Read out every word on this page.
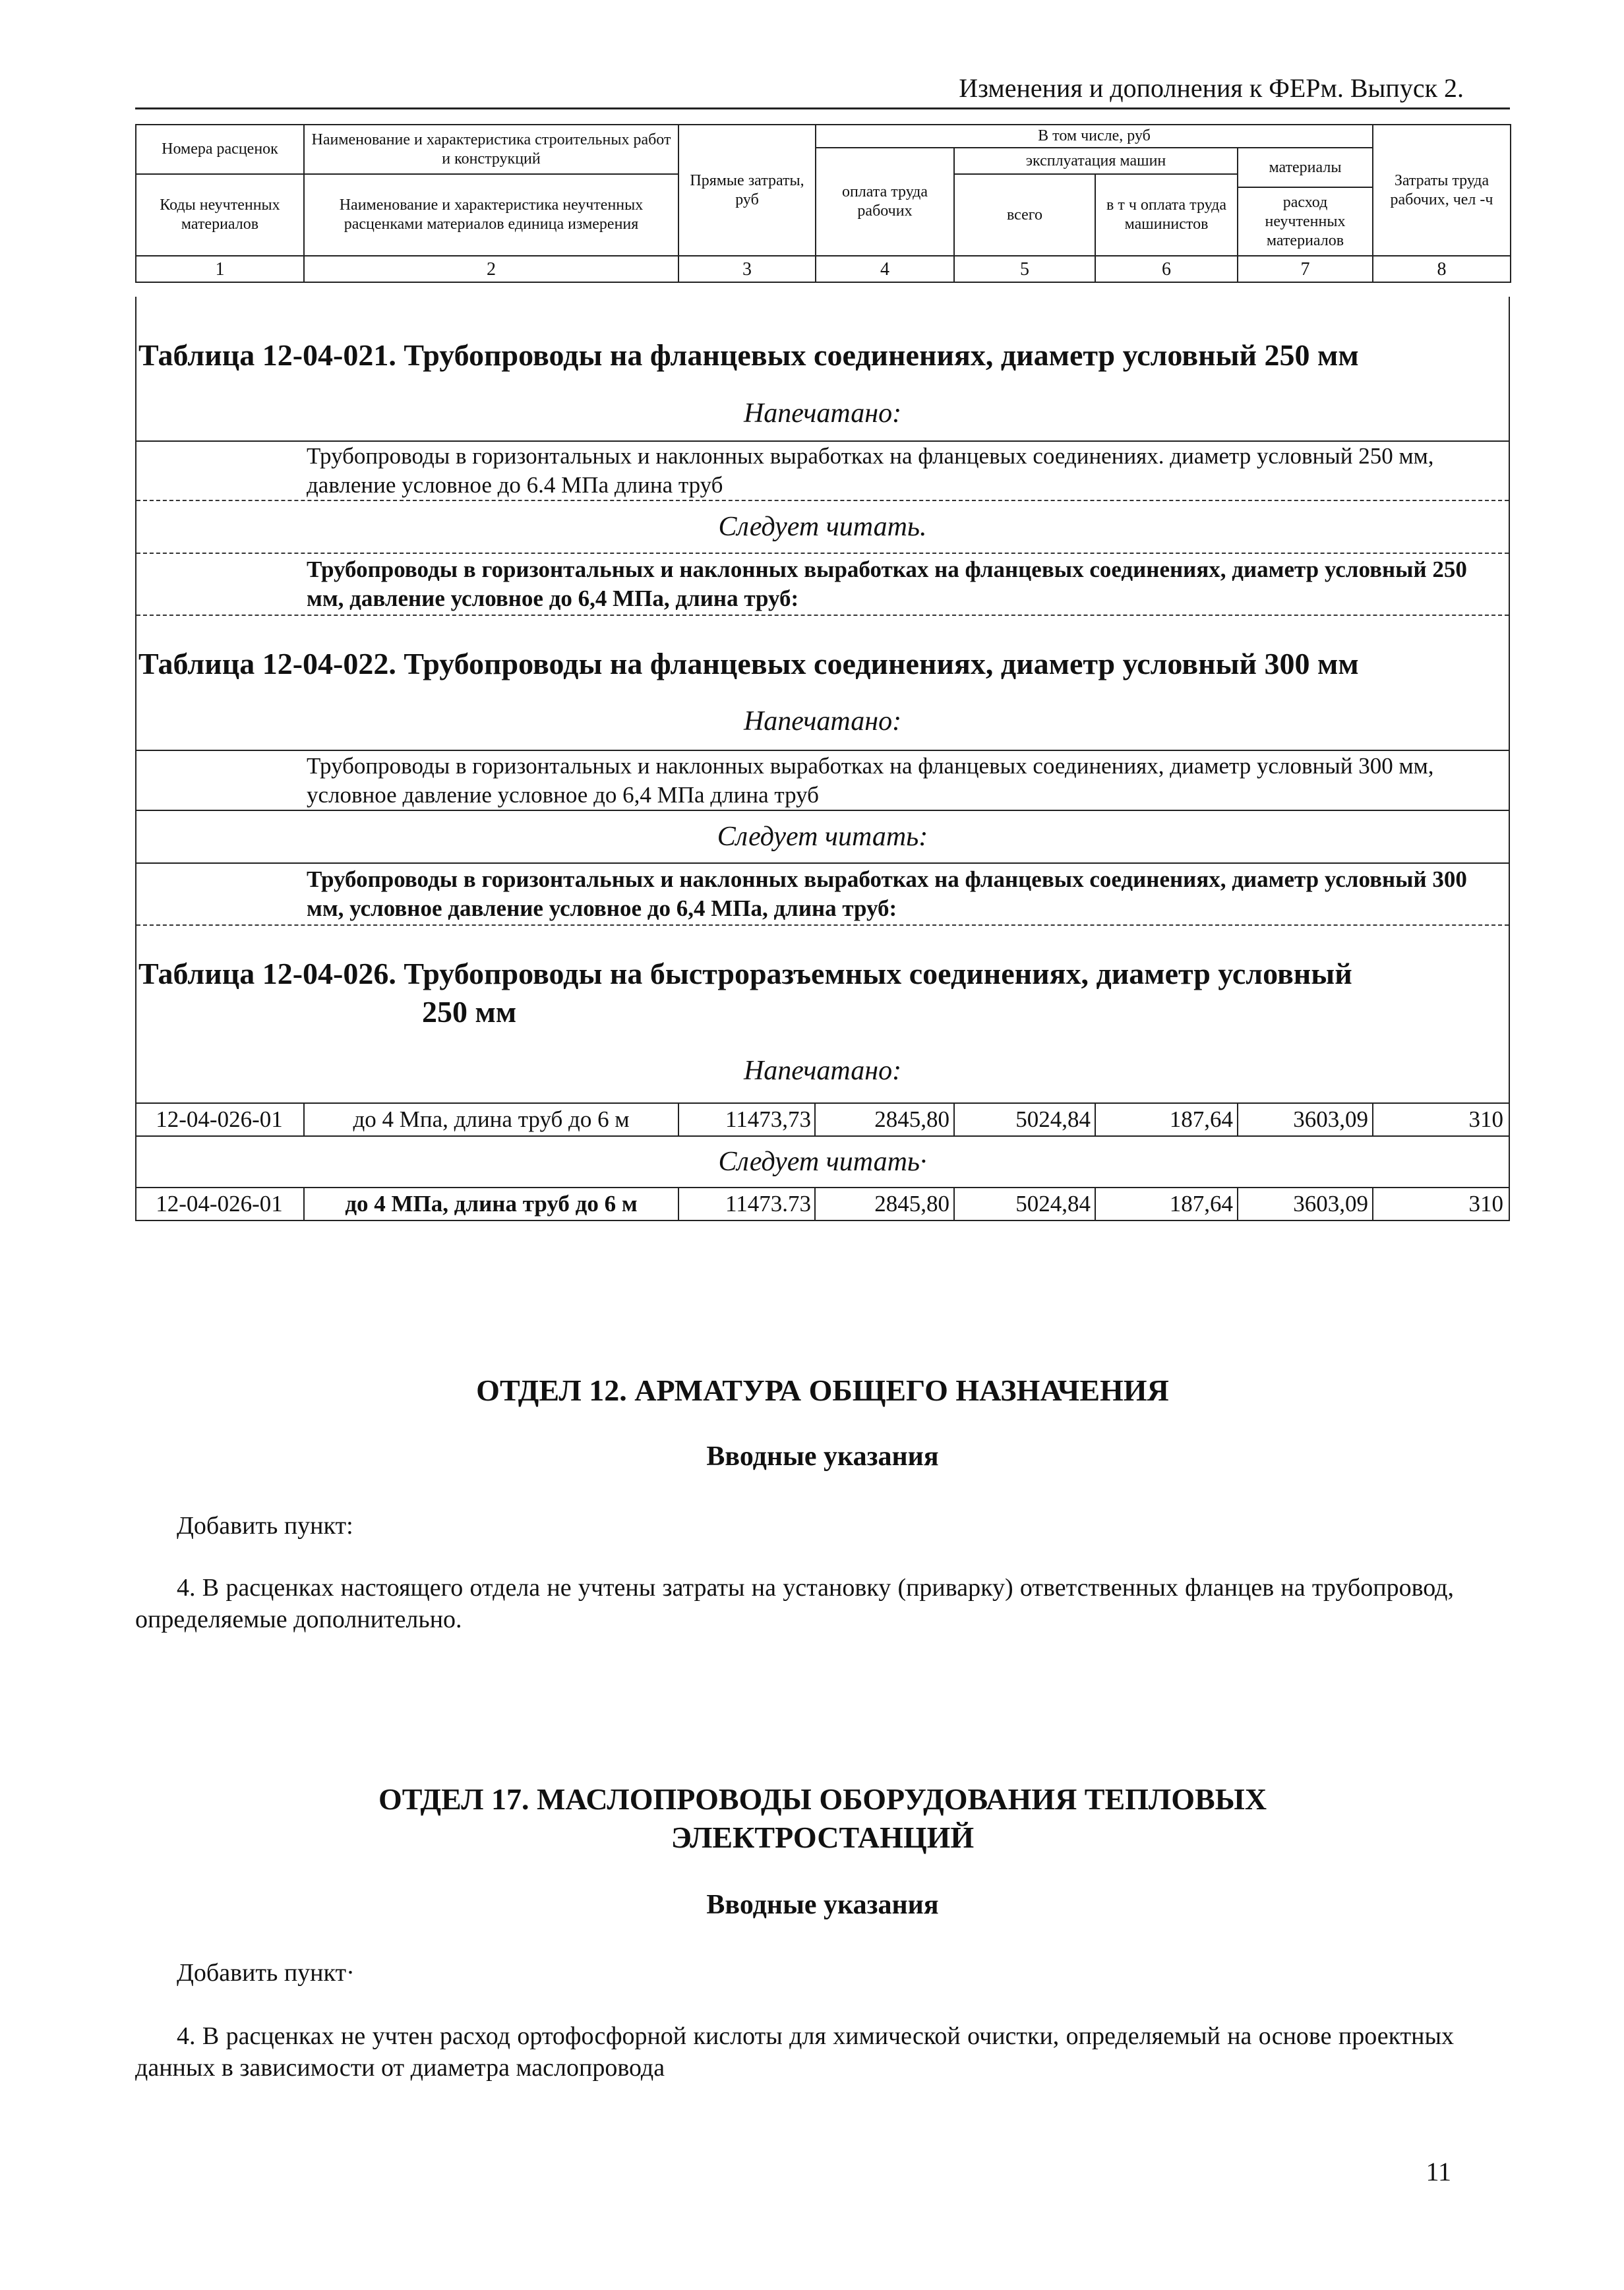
Изменения и дополнения к ФЕРм. Выпуск 2.
Номера расценок	Наименование и характеристика строительных работ и конструкций	Прямые затраты, руб	В том числе, руб				Затраты труда рабочих, чел -ч
			оплата труда рабочих	эксплуатация машин		материалы	
Коды неучтенных материалов	Наименование и характеристика неучтенных расценками материалов единица измерения			всего	в т ч оплата труда машинистов		
						расход неучтенных материалов	
1	2	3	4	5	6	7	8
Таблица 12-04-021. Трубопроводы на фланцевых соединениях, диаметр условный 250 мм
Напечатано:
Трубопроводы в горизонтальных и наклонных выработках на фланцевых соединениях. диаметр условный 250 мм, давление условное до 6.4 МПа длина труб
Следует читать.
Трубопроводы в горизонтальных и наклонных выработках на фланцевых соединениях, диаметр условный 250 мм, давление условное до 6,4 МПа, длина труб:
Таблица 12-04-022. Трубопроводы на фланцевых соединениях, диаметр условный 300 мм
Напечатано:
Трубопроводы в горизонтальных и наклонных выработках на фланцевых соединениях, диаметр условный 300 мм, условное давление условное до 6,4 МПа длина труб
Следует читать:
Трубопроводы в горизонтальных и наклонных выработках на фланцевых соединениях, диаметр условный 300 мм, условное давление условное до 6,4 МПа, длина труб:
Таблица 12-04-026. Трубопроводы на быстроразъемных соединениях, диаметр условный
250 мм
Напечатано:
12-04-026-01	до 4 Мпа, длина труб до 6 м	11473,73	2845,80	5024,84	187,64	3603,09	310
Следует читать·
12-04-026-01	до 4 МПа, длина труб до 6 м	11473.73	2845,80	5024,84	187,64	3603,09	310
ОТДЕЛ 12. АРМАТУРА ОБЩЕГО НАЗНАЧЕНИЯ
Вводные указания
Добавить пункт:
4. В расценках настоящего отдела не учтены затраты на установку (приварку) ответственных фланцев на трубопровод, определяемые дополнительно.
ОТДЕЛ 17. МАСЛОПРОВОДЫ ОБОРУДОВАНИЯ ТЕПЛОВЫХ
ЭЛЕКТРОСТАНЦИЙ
Вводные указания
Добавить пункт·
4. В расценках не учтен расход ортофосфорной кислоты для химической очистки, определяемый на основе проектных данных в зависимости от диаметра маслопровода
11
